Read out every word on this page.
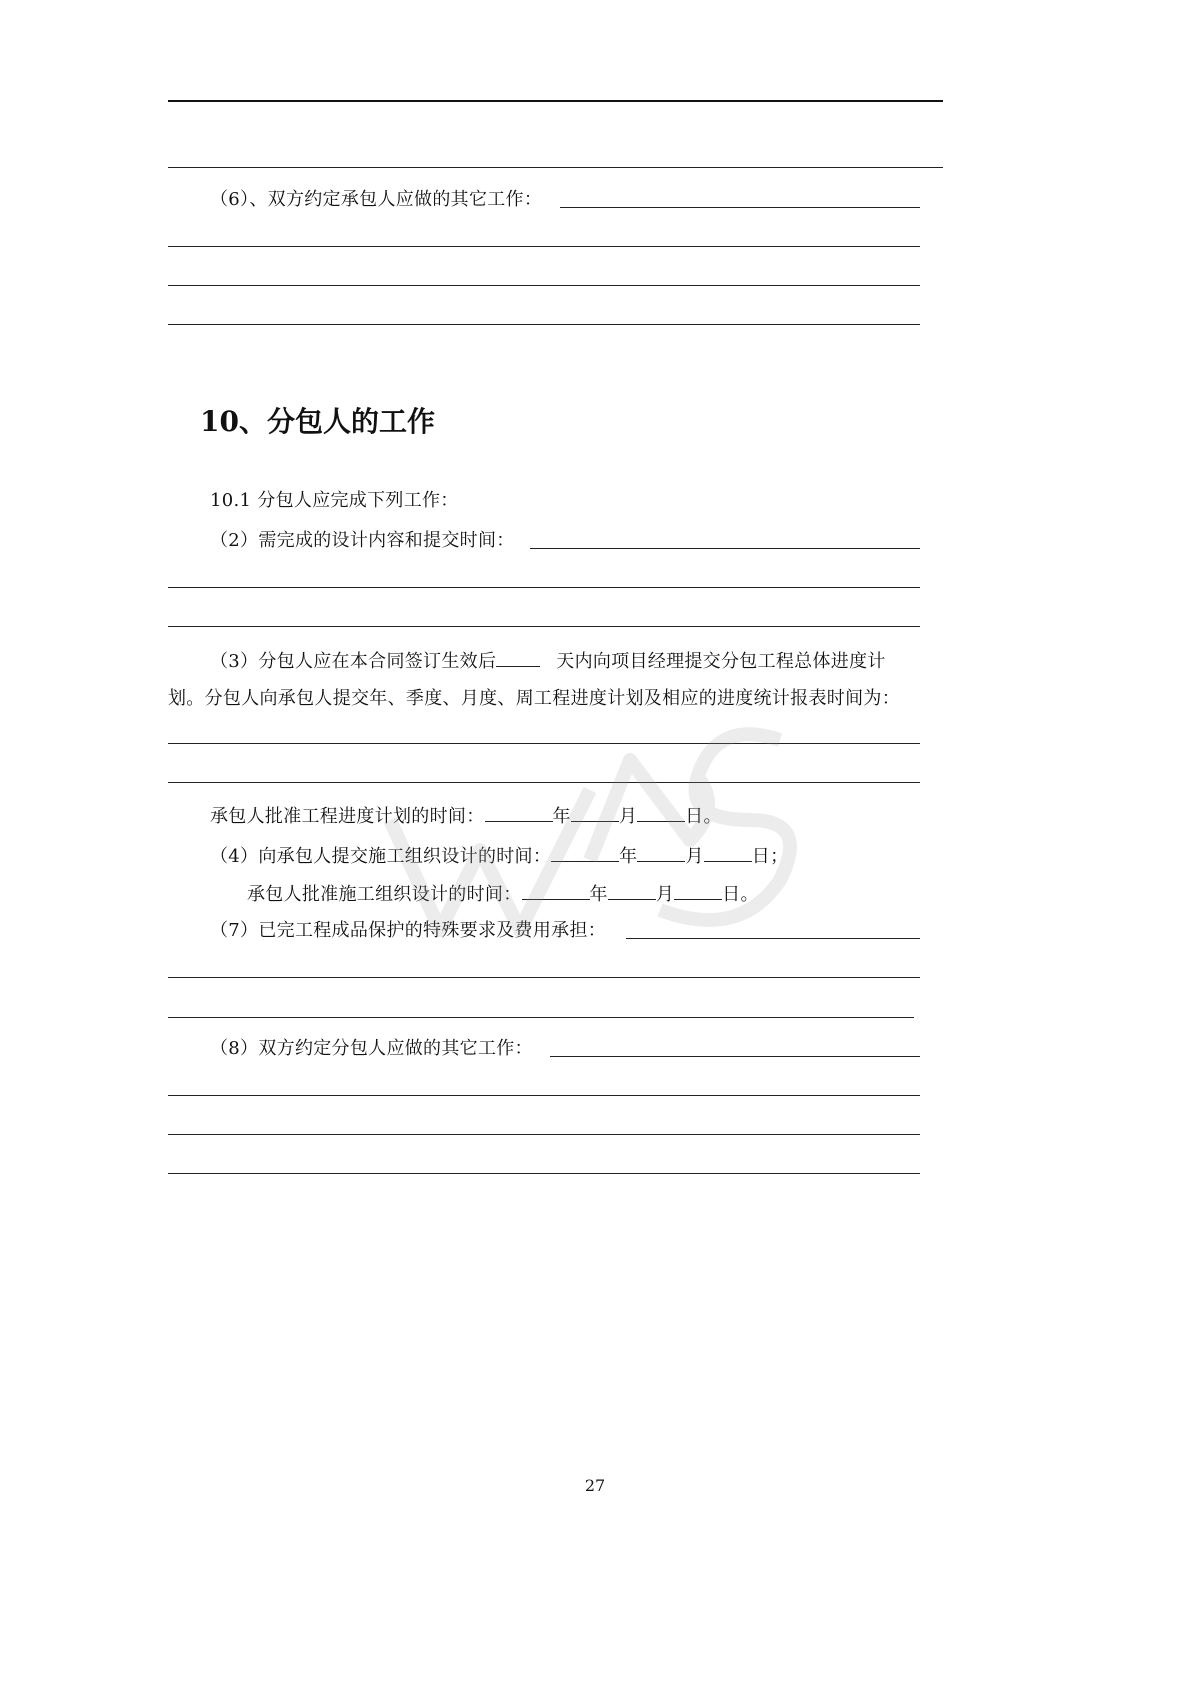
（6）、双方约定承包人应做的其它工作：
10、分包人的工作
10.1 分包人应完成下列工作：
（2）需完成的设计内容和提交时间：
（3）分包人应在本合同签订生效后	天内向项目经理提交分包工程总体进度计
划。分包人向承包人提交年、季度、月度、周工程进度计划及相应的进度统计报表时间为：
承包人批准工程进度计划的时间：	年	月	日。
（4）向承包人提交施工组织设计的时间：	年	月	日；
承包人批准施工组织设计的时间：	年	月	日。
（7）已完工程成品保护的特殊要求及费用承担：
（8）双方约定分包人应做的其它工作：
27
